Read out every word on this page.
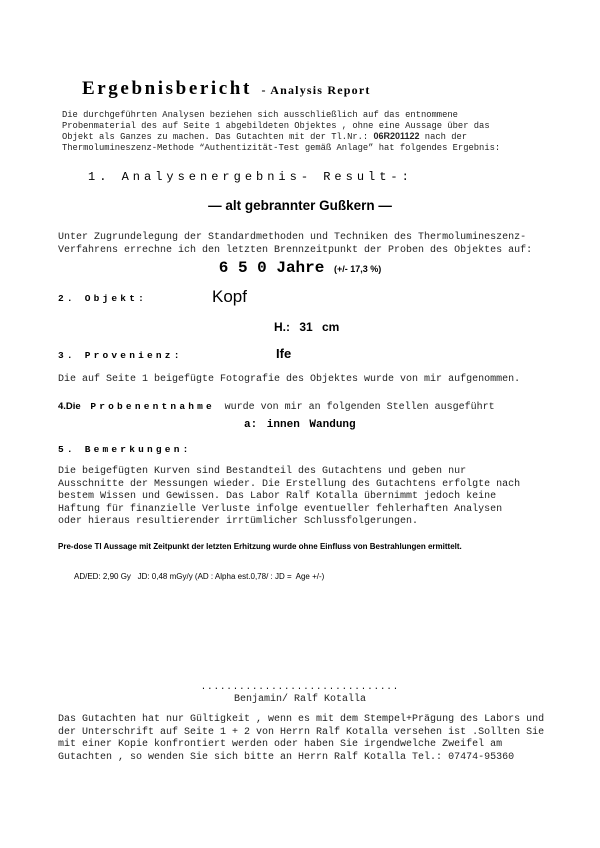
Ergebnisbericht - Analysis Report
Die durchgeführten Analysen beziehen sich ausschließlich auf das entnommene Probenmaterial des auf Seite 1 abgebildeten Objektes , ohne eine Aussage über das Objekt als Ganzes zu machen. Das Gutachten mit der Tl.Nr.: 06R201122 nach der Thermolumineszenz-Methode “Authentizität-Test gemäß Anlage” hat folgendes Ergebnis:
1. Analysenergebnis- Result-:
— alt gebrannter Gußkern —
Unter Zugrundelegung der Standardmethoden und Techniken des Thermolumineszenz-Verfahrens errechne ich den letzten Brennzeitpunkt der Proben des Objektes auf:
6 5 0 Jahre (+/- 17,3 %)
2. Objekt:	Kopf
H.: 31 cm
3. Provenienz:	Ife
Die auf Seite 1 beigefügte Fotografie des Objektes wurde von mir aufgenommen.
4.Die Probenentnahme wurde von mir an folgenden Stellen ausgeführt
a: innen Wandung
5. Bemerkungen:
Die beigefügten Kurven sind Bestandteil des Gutachtens und geben nur Ausschnitte der Messungen wieder. Die Erstellung des Gutachtens erfolgte nach bestem Wissen und Gewissen. Das Labor Ralf Kotalla übernimmt jedoch keine Haftung für finanzielle Verluste infolge eventueller fehlerhaften Analysen oder hieraus resultierender irrtümlicher Schlussfolgerungen.
Pre-dose Tl Aussage mit Zeitpunkt der letzten Erhitzung wurde ohne Einfluss von Bestrahlungen ermittelt.
AD/ED: 2,90 Gy   JD: 0,48 mGy/y (AD : Alpha est.0,78/ : JD =  Age +/-)
...............................
Benjamin/ Ralf Kotalla
Das Gutachten hat nur Gültigkeit , wenn es mit dem Stempel+Prägung des Labors und der Unterschrift auf Seite 1 + 2 von Herrn Ralf Kotalla versehen ist .Sollten Sie mit einer Kopie konfrontiert werden oder haben Sie irgendwelche Zweifel am Gutachten , so wenden Sie sich bitte an Herrn Ralf Kotalla Tel.: 07474-95360
